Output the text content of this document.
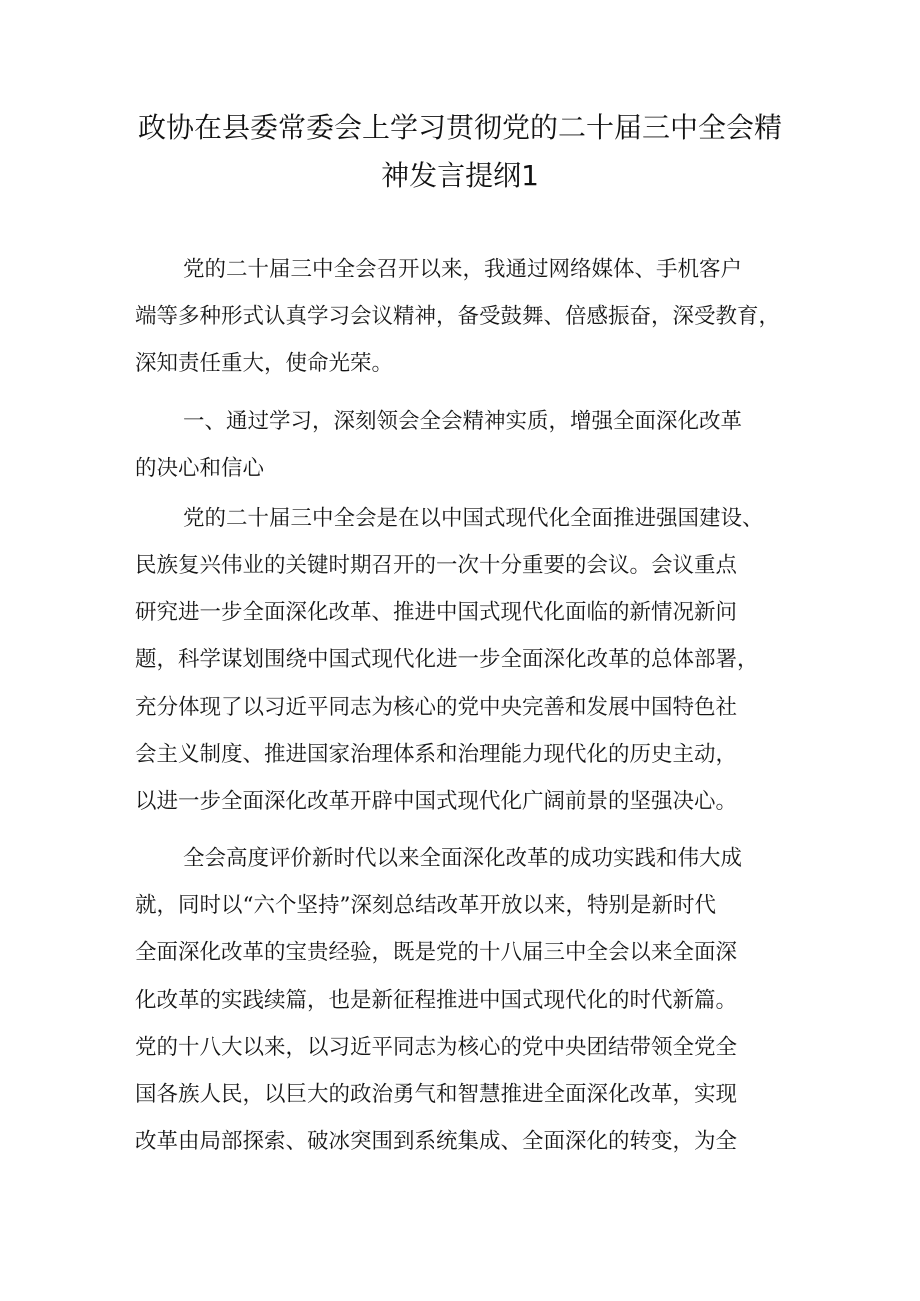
政协在县委常委会上学习贯彻党的二十届三中全会精
神发言提纲1

党的二十届三中全会召开以来，我通过网络媒体、手机客户

端等多种形式认真学习会议精神，备受鼓舞、倍感振奋，深受教育，

深知责任重大，使命光荣。

一、通过学习，深刻领会全会精神实质，增强全面深化改革

的决心和信心

党的二十届三中全会是在以中国式现代化全面推进强国建设、

民族复兴伟业的关键时期召开的一次十分重要的会议。会议重点

研究进一步全面深化改革、推进中国式现代化面临的新情况新问

题，科学谋划围绕中国式现代化进一步全面深化改革的总体部署，

充分体现了以习近平同志为核心的党中央完善和发展中国特色社

会主义制度、推进国家治理体系和治理能力现代化的历史主动，

以进一步全面深化改革开辟中国式现代化广阔前景的坚强决心。

全会高度评价新时代以来全面深化改革的成功实践和伟大成

就，同时以“六个坚持”深刻总结改革开放以来，特别是新时代

全面深化改革的宝贵经验，既是党的十八届三中全会以来全面深

化改革的实践续篇，也是新征程推进中国式现代化的时代新篇。

党的十八大以来，以习近平同志为核心的党中央团结带领全党全

国各族人民，以巨大的政治勇气和智慧推进全面深化改革，实现

改革由局部探索、破冰突围到系统集成、全面深化的转变，为全
